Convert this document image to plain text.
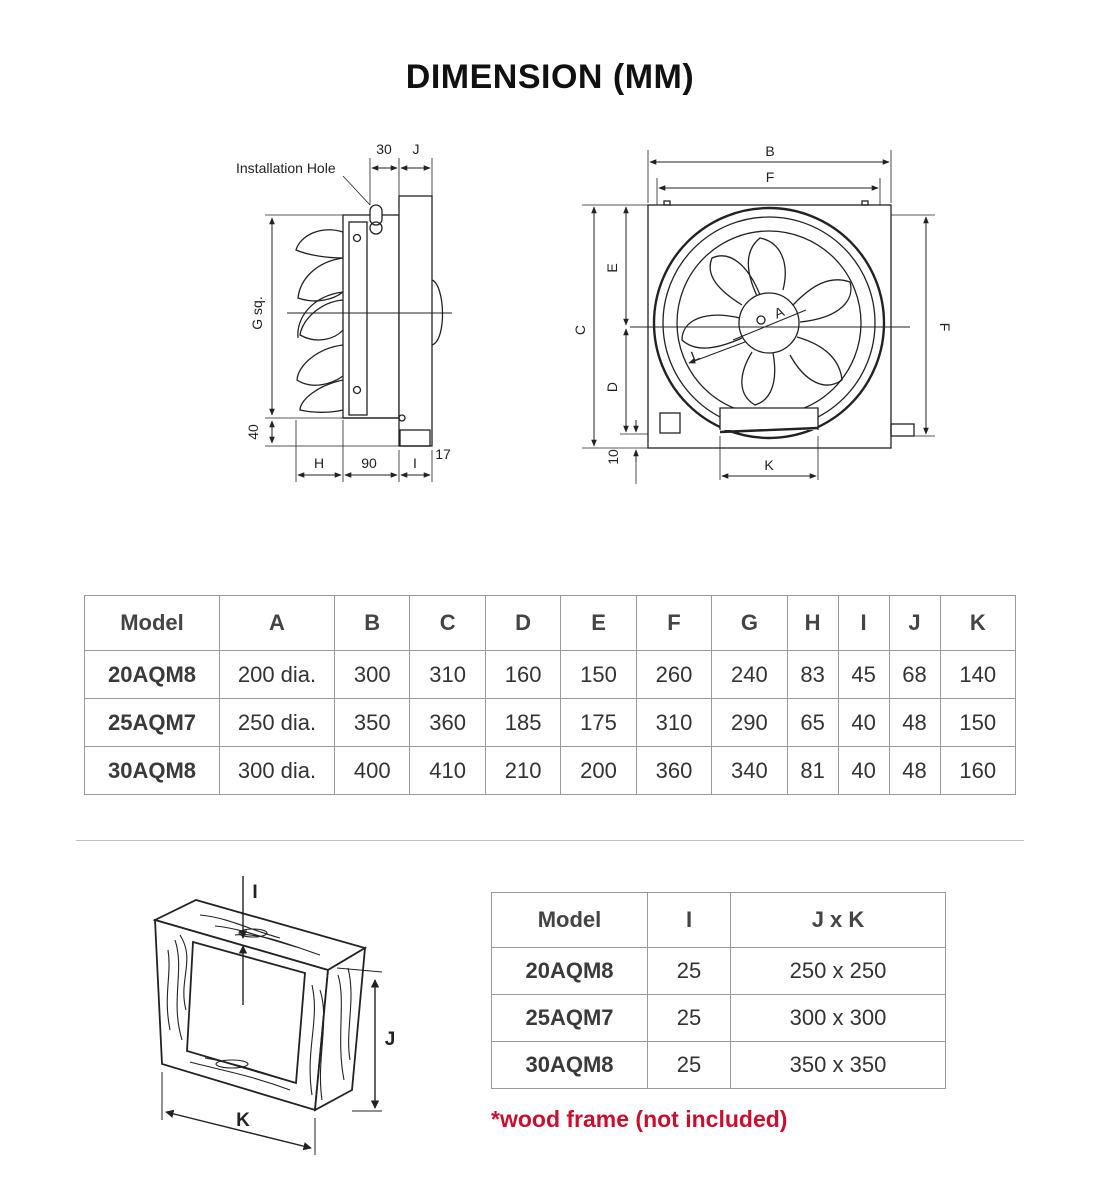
DIMENSION (MM)
Installation Hole
30 J
G sq.
40
H	90	I
17
B
F
C
E
D
F
10	K
A
L
I
J
K
Model	A	B	C	D	E	F	G	H	I	J	K
20AQM8	200 dia.	300	310	160	150	260	240	83	45	68	140
25AQM7	250 dia.	350	360	185	175	310	290	65	40	48	150
30AQM8	300 dia.	400	410	210	200	360	340	81	40	48	160
Model	I	J x K
20AQM8	25	250 x 250
25AQM7	25	300 x 300
30AQM8	25	350 x 350
*wood frame (not included)
